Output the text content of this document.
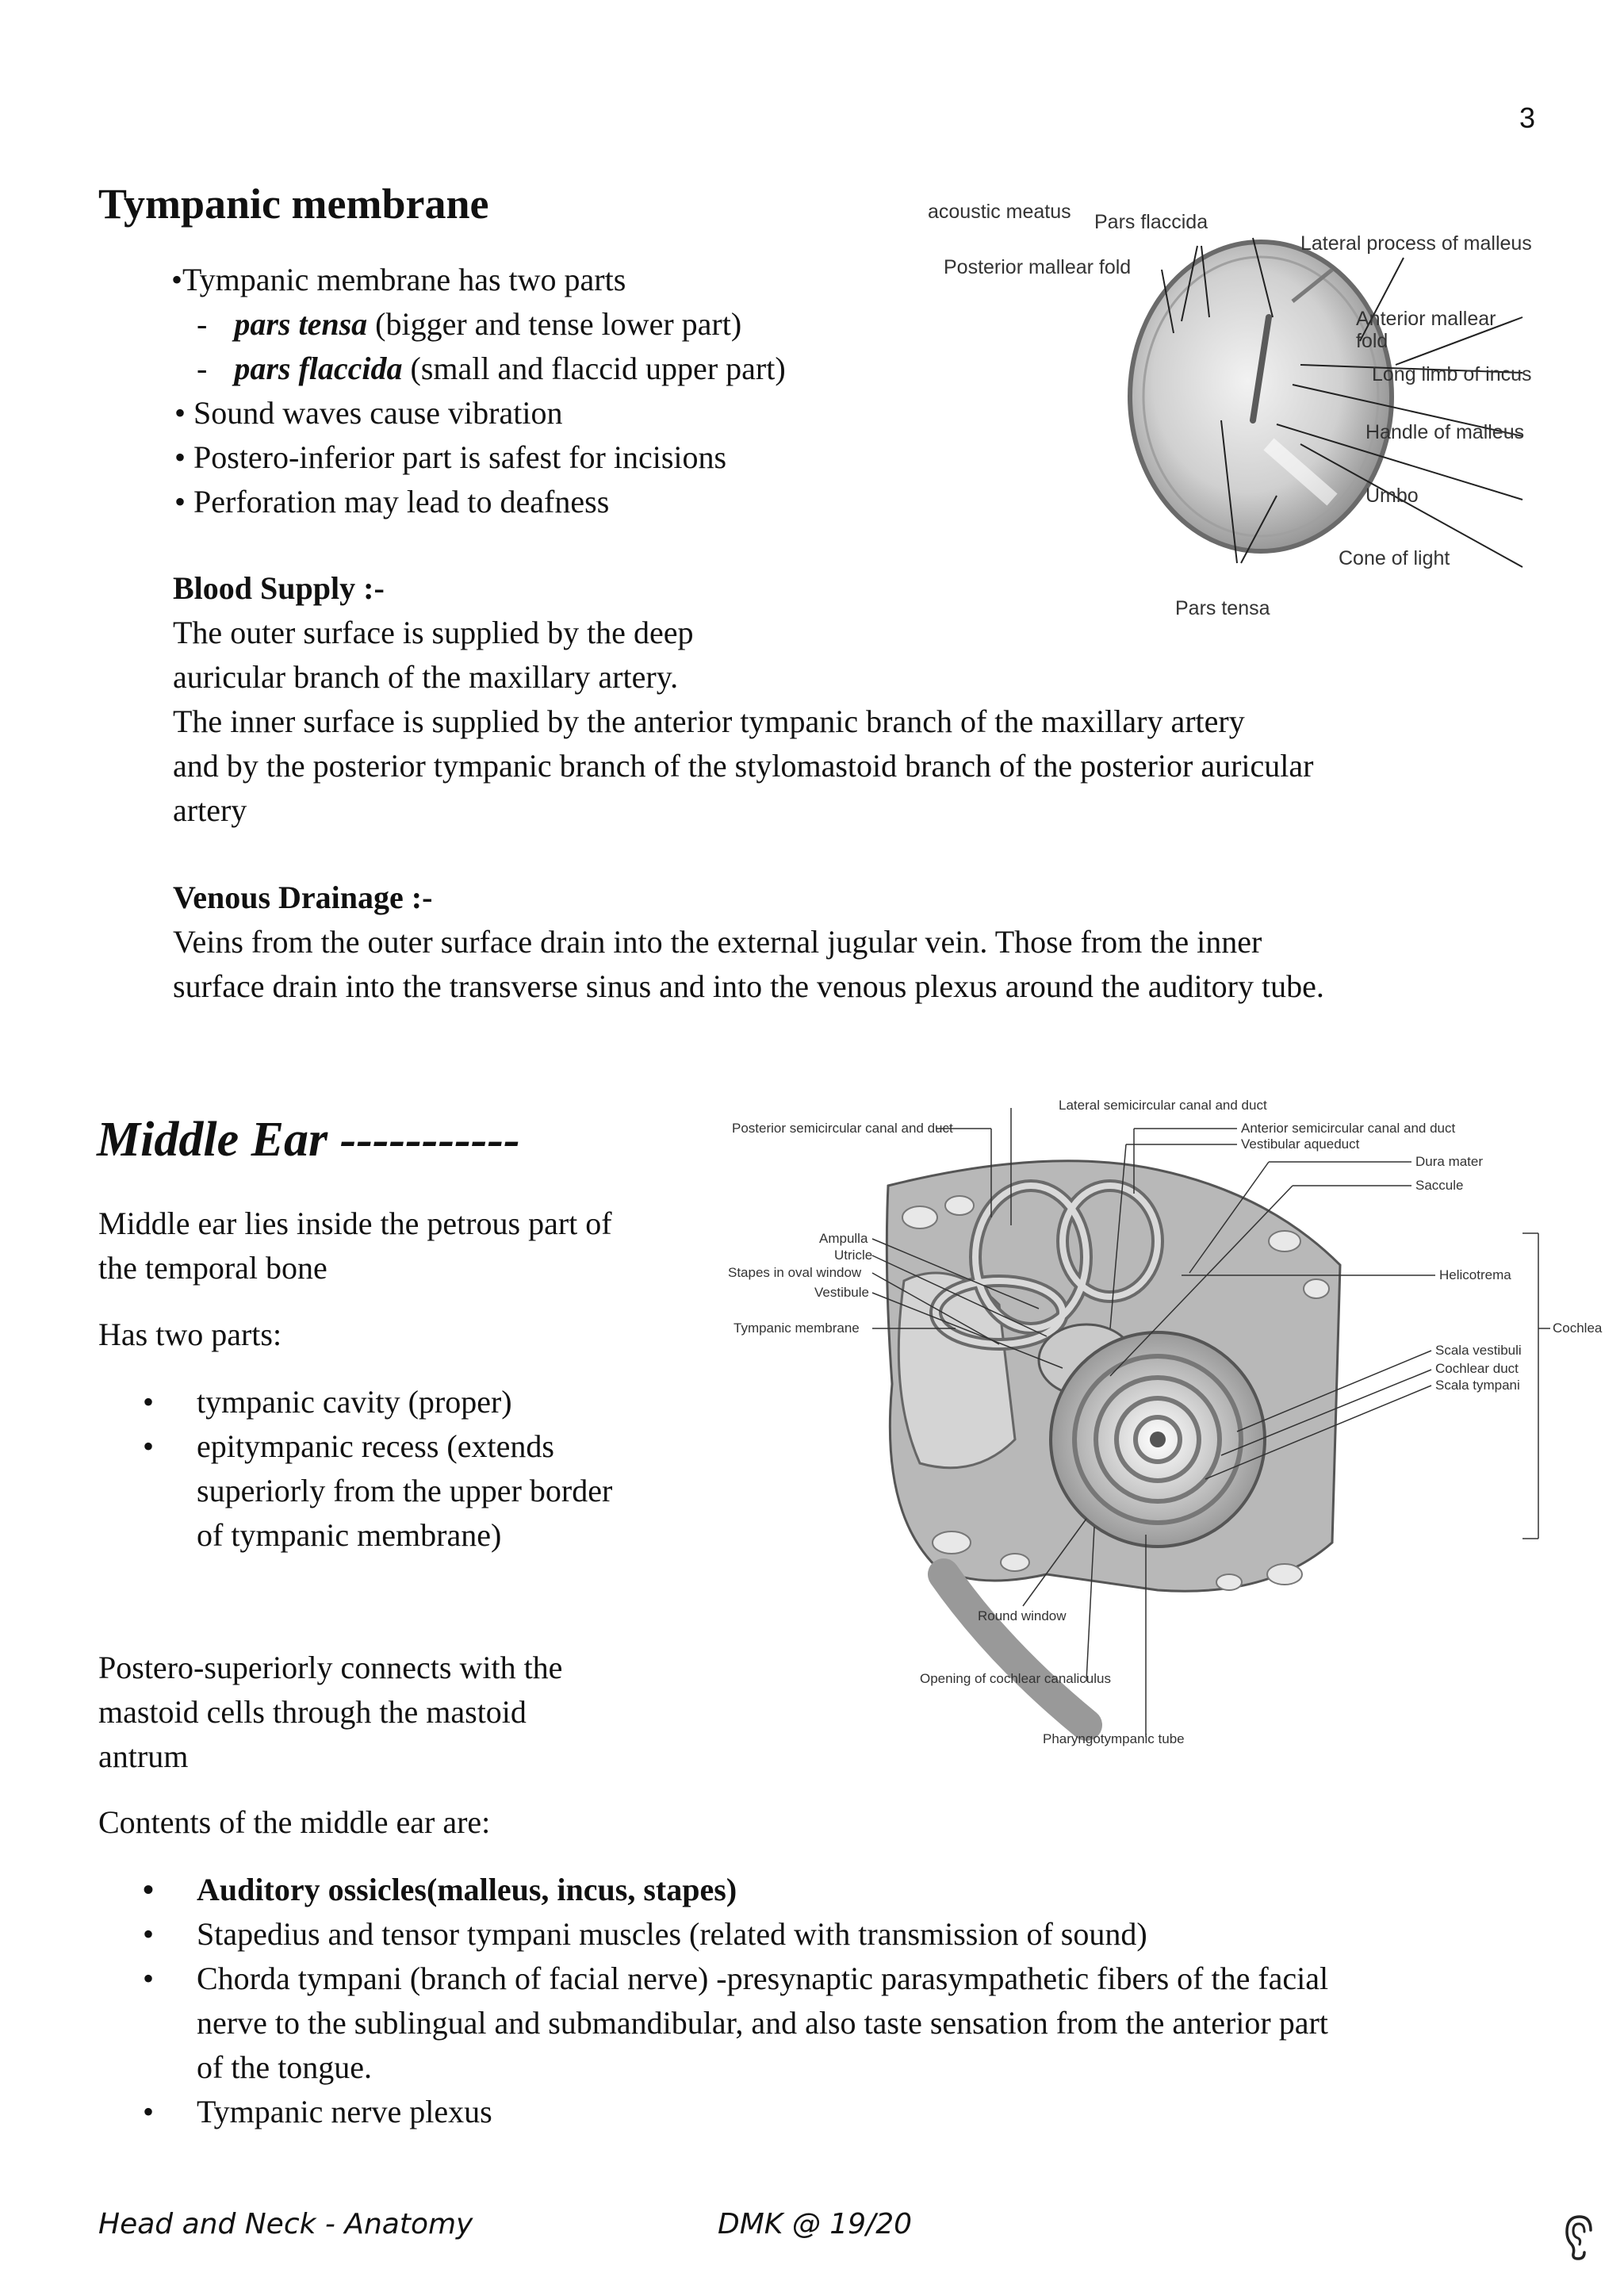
3
Tympanic membrane
•Tympanic membrane has two parts
- pars tensa (bigger and tense lower part)
- pars flaccida (small and flaccid upper part)
• Sound waves cause vibration
• Postero-inferior part is safest for incisions
• Perforation may lead to deafness
Blood Supply :-
The outer surface is supplied by the deep
auricular branch of the maxillary artery.
The inner surface is supplied by the anterior tympanic branch of the maxillary artery
and by the posterior tympanic branch of the stylomastoid branch of the posterior auricular
artery
Venous Drainage :-
Veins from the outer surface drain into the external jugular vein. Those from the inner
surface drain into the transverse sinus and into the venous plexus around the auditory tube.
acoustic meatus Pars flaccida
Lateral process of malleus
Posterior mallear fold
Anterior mallear
fold
Long limb of incus
Handle of malleus
Umbo
Cone of light
Pars tensa
Middle Ear -----------
Middle ear lies inside the petrous part of
the temporal bone
Has two parts:
• tympanic cavity (proper)
• epitympanic recess (extends
superiorly from the upper border
of tympanic membrane)
Postero-superiorly connects with the
mastoid cells through the mastoid
antrum
Contents of the middle ear are:
• Auditory ossicles(malleus, incus, stapes)
• Stapedius and tensor tympani muscles (related with transmission of sound)
• Chorda tympani (branch of facial nerve) -presynaptic parasympathetic fibers of the facial
nerve to the sublingual and submandibular, and also taste sensation from the anterior part
of the tongue.
• Tympanic nerve plexus
Lateral semicircular canal and duct
Posterior semicircular canal and duct	Anterior semicircular canal and duct
Vestibular aqueduct
Dura mater
Saccule
Ampulla
Utricle
Stapes in oval window
Vestibule
Helicotrema
Cochlea
Tympanic membrane
Scala vestibuli
Cochlear duct
Scala tympani
Round window
Opening of cochlear canaliculus
Pharyngotympanic tube
Head and Neck - Anatomy	DMK @ 19/20
